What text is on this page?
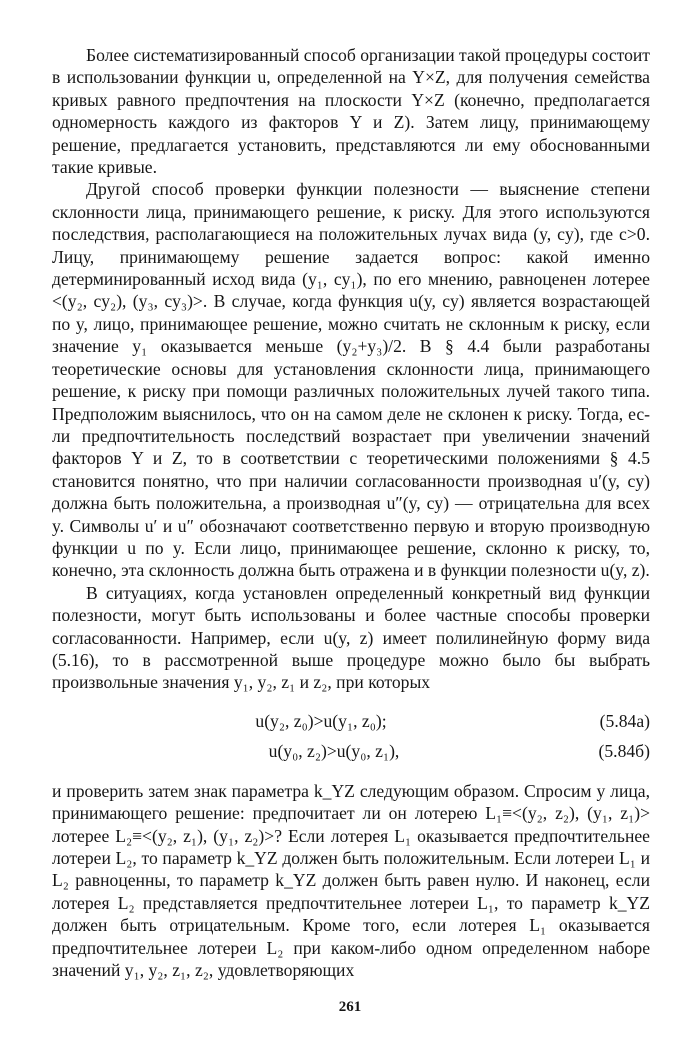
Более систематизированный способ организации такой процедуры состоит в использовании функции u, определенной на Y×Z, для получения семейства кривых равного предпочтения на плоскости Y×Z (конечно, предполагается одномерность каждого из факторов Y и Z). Затем лицу, принимающему решение, предлагается установить, представляются ли ему обоснованными такие кривые.

Другой способ проверки функции полезности — выяснение степени склонности лица, принимающего решение, к риску. Для этого используются последствия, располагающиеся на положительных лучах вида (y, cy), где c>0. Лицу, принимающему решение задается вопрос: какой именно детерминированный исход вида (y₁, cy₁), по его мнению, равноценен лотерее <(y₂, cy₂), (y₃, cy₃)>. В случае, когда функция u(y, cy) является возрастающей по y, лицо, принимающее решение, можно считать не склонным к риску, если значение y₁ оказывается меньше (y₂+y₃)/2. В § 4.4 были разработаны теоретические основы для установления склонности лица, принимающего решение, к риску при помощи различных положительных лучей такого типа. Предположим выяснилось, что он на самом деле не склонен к риску. Тогда, если предпочтительность последствий возрастает при увеличении значений факторов Y и Z, то в соответствии с теоретическими положениями § 4.5 становится понятно, что при наличии согласованности производная u′(y, cy) должна быть положительна, а производная u″(y, cy) — отрицательна для всех y. Символы u′ и u″ обозначают соответственно первую и вторую производную функции u по y. Если лицо, принимающее решение, склонно к риску, то, конечно, эта склонность должна быть отражена и в функции полезности u(y, z).

В ситуациях, когда установлен определенный конкретный вид функции полезности, могут быть использованы и более частные способы проверки согласованности. Например, если u(y, z) имеет полилинейную форму вида (5.16), то в рассмотренной выше процедуре можно было бы выбрать произвольные значения y₁, y₂, z₁ и z₂, при которых

u(y₂, z₀)>u(y₁, z₀);	(5.84a)
u(y₀, z₂)>u(y₀, z₁),	(5.84б)

и проверить затем знак параметра k_YZ следующим образом. Спросим у лица, принимающего решение: предпочитает ли он лотерею L₁≡<(y₂, z₂), (y₁, z₁)> лотерее L₂≡<(y₂, z₁), (y₁, z₂)>? Если лотерея L₁ оказывается предпочтительнее лотереи L₂, то параметр k_YZ должен быть положительным. Если лотереи L₁ и L₂ равноценны, то параметр k_YZ должен быть равен нулю. И наконец, если лотерея L₂ представляется предпочтительнее лотереи L₁, то параметр k_YZ должен быть отрицательным. Кроме того, если лотерея L₁ оказывается предпочтительнее лотереи L₂ при каком-либо одном определенном наборе значений y₁, y₂, z₁, z₂, удовлетворяющих

261
